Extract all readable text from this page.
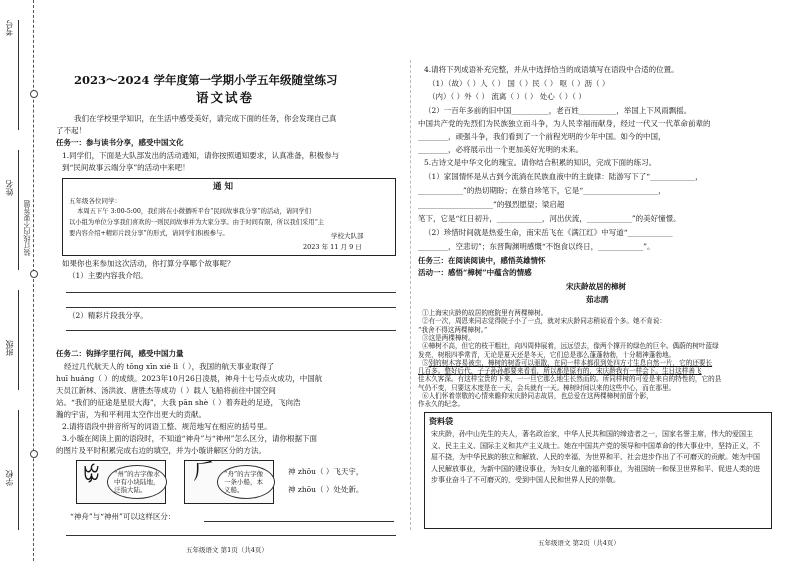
考号
姓名
班级
学校
装订线内不要答题
2023～2024 学年度第一学期小学五年级随堂练习
语文试卷
我们在学校里学知识，在生活中感受美好，请完成下面的任务，你会发现自己真
了不起！
任务一：参与读书分享，感受中国文化
1.同学们，下面是大队部发出的活动通知，请你按照通知要求，认真准备，积极参与
到“民间故事云端分享”的活动中来吧！
通 知
五年级各位同学：
本周五下午 3:00-5:00，我们将在小微播听平台“民间故事我分享”的活动，请同学们
以小组为单位分享我们喜欢的一则民间故事并为大家分享。由于时间有限，所以我们采用“主
要内容介绍+精彩片段分享”的形式，请同学们积极参与。	学校大队部
2023 年 11 月 9 日
如果你也来参加这次活动，你打算分享哪个故事呢？
（1）主要内容我介绍。
（2）精彩片段我分享。
任务二：钩择字里行间，感受中国力量
经过几代航天人的 tōng xīn xié lì（ ），我国的航天事业取得了
huī huáng（ ）的成绩。2023年10月26日凌晨，神舟十七号点火成功，中国航
天员江新林、汤洪波、唐胜杰等成功（ ）载人飞船将前往中国空间
站。“我们的征途是星辰大海”，大我 pān shè（ ）着奔赴的足迹，飞向浩
瀚的宇宙，为和平利用太空作出更大的贡献。
2.请将语段中拼音所写的词语工整、规范地写在相应的括号里。
3.小璇在阅读上面的语段时，不知道“神舟”与“神州”怎么区分，请你根据下面
的图片及平时积累完成右边的填空，并为小璇讲解区分的方法。
ꔲ	“州”的古字像水中有小块陆地，泛指大陆。
𠂆	“舟”的古字像一条小船，本义船。
神 zhōu（ ）飞天宇，
神 zhōu（ ）处处新。
“神舟”与“神州”可以这样区分：
五年级语文 第1页（共4页）
4.请将下列成语补充完整，并从中选择恰当的成语填写在语段中合适的位置。
（1）（故）（ ）人（ ） 国（ ）民（ ） 呕（ ）沥（ ）
（内）（ ）外（ ） 流离（ ）（ ） 处心（ ）（ ）
（2）一百年多前的旧中国__________，老百姓__________，举国上下风雨飘摇。
中国共产党的先烈们为民族独立而斗争，为人民幸福而献身，经过一代又一代革命前辈的
________，顽强斗争，我们看到了一个前程光明的少年中国。如今的中国，
________，必将展示出一个更加美好光明的未来。
5.古诗文是中华文化的瑰宝。请你结合积累的知识，完成下面的练习。
（1）家国情怀是从古到今流淌在民族血液中的主旋律：陆游写下了“____________，
____________”的热切期盼；在蔡自珍笔下，它是“____________________，
____________________”的强烈愿望；梁启超
笔下，它是“红日初升，____________，河出伏流，____________”的美好憧憬。
（2）珍惜时间就是热爱生命，南宋岳飞在《满江红》中写道“____________
________，空悲切”；东晋陶渊明感慨“不饱食以终日，____________”。
任务三：在阅读阅读中，感悟英雄情怀
活动一：感悟“樟树”中蕴含的情感
宋庆龄故居的樟树
茹志鹃
①上海宋庆龄的故居的庭院里有两棵樟树。
②有一次，周恩来同志觉得院子小了一点，就对宋庆龄同志稍说看个多。她不肯说：
“我舍不得这两棵樟树。”
③这是两棵樟树。
④樟树不高，但它的枝干粗壮，向四周伸展着，远远望去，像两个撑开的绿色的巨伞。偶蔚的树叶蓝绿
发亮，树根四季常青，无论是夏天还是冬天，它们总是那么蓬蓬勃勃，十分精神蓬勃地。
⑤别的树木容易被虫，樟树的树香可以驱散，在同一样本都很到处四方寸生息自然一片，它的还要长
几百多。整好后代，子子孙孙都要来看看，所以都是原有的，宋庆龄我有一样会下。生日这样善飞
佳木久客深。有这样宝贵的下来，一一旦它那么地生长然而的。所同样树的可爱是来自的特性的，它的县
气仍不变，只要这木度是在一天，会兵就有一天。樟树时间以来的这些中心，而在那里。
⑥人们怀着崇敬的心情来瞻仰宋庆龄同志故居，也总爱在这两棵樟树前留个影，
作永久的纪念。
资料袋
宋庆龄，孙中山先生的夫人，著名政治家，中华人民共和国的缔造者之一，国家名誉主席，伟大的爱国主义、民主主义、国际主义和共产主义战士。她在中国共产党的领导和中国革命的伟大事业中，坚持正义，不屈不挠，为中华民族的独立和解放、人民的幸福，为世界和平、社会进步作出了不可磨灭的贡献。她为中国人民解放事业，为新中国的建设事业，为妇女儿童的福利事业，为祖国统一和保卫世界和平、促进人类的进步事业奋斗了不可磨灭的，受到中国人民和世界人民的崇敬。
五年级语文 第2页（共4页）
